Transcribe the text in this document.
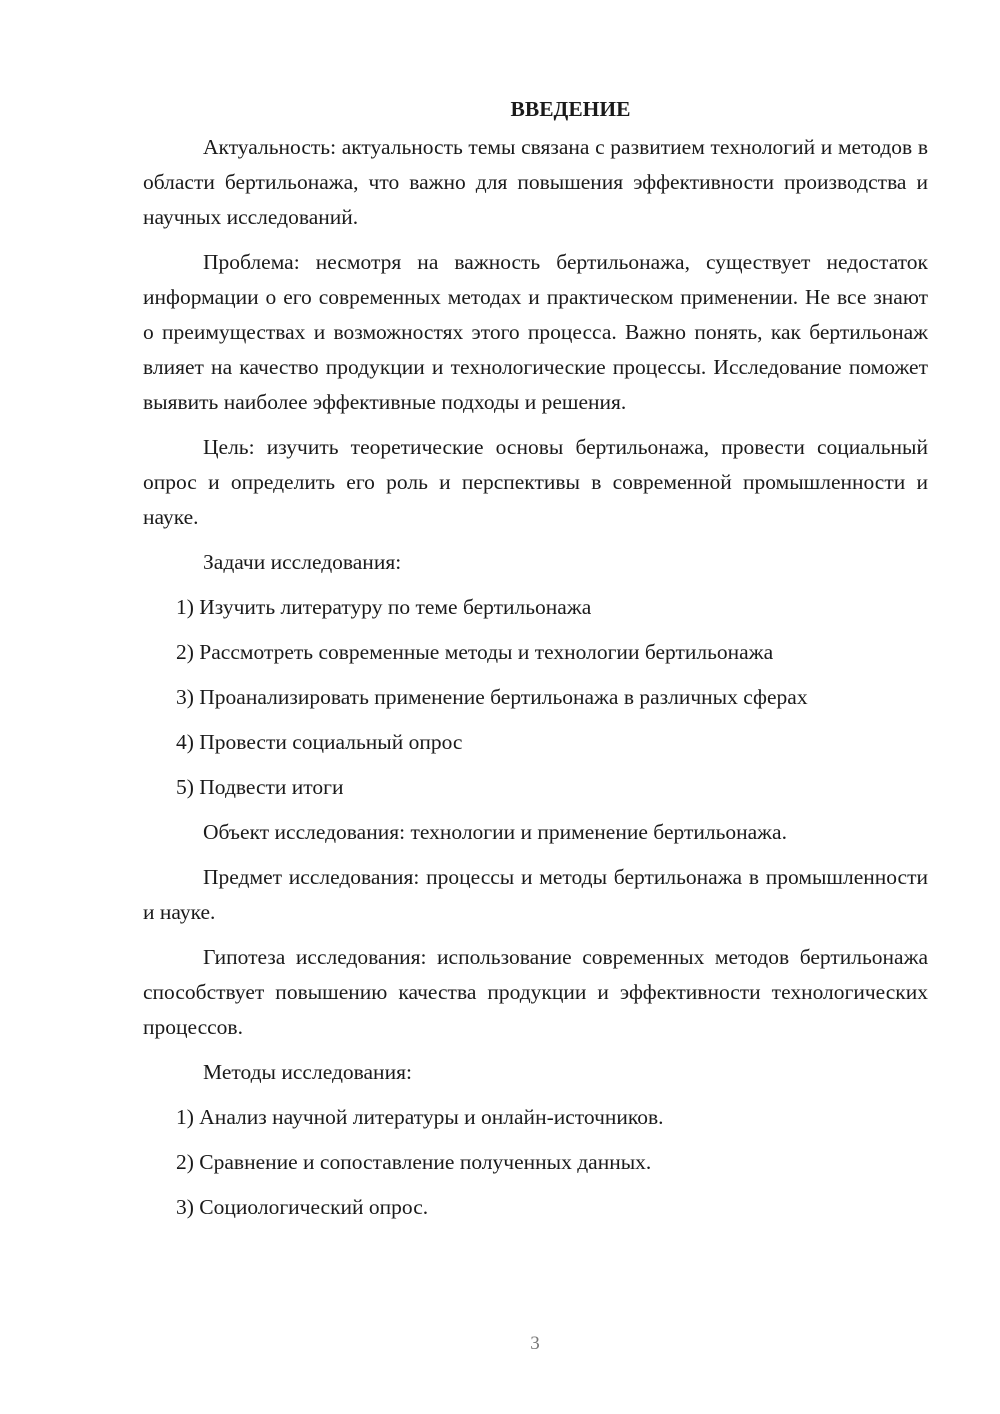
ВВЕДЕНИЕ

Актуальность: актуальность темы связана с развитием технологий и методов в области бертильонажа, что важно для повышения эффективности производства и научных исследований.

Проблема: несмотря на важность бертильонажа, существует недостаток информации о его современных методах и практическом применении. Не все знают о преимуществах и возможностях этого процесса. Важно понять, как бертильонаж влияет на качество продукции и технологические процессы. Исследование поможет выявить наиболее эффективные подходы и решения.

Цель: изучить теоретические основы бертильонажа, провести социальный опрос и определить его роль и перспективы в современной промышленности и науке.

Задачи исследования:

1) Изучить литературу по теме бертильонажа

2) Рассмотреть современные методы и технологии бертильонажа

3) Проанализировать применение бертильонажа в различных сферах

4) Провести социальный опрос

5) Подвести итоги

Объект исследования: технологии и применение бертильонажа.

Предмет исследования: процессы и методы бертильонажа в промышленности и науке.

Гипотеза исследования: использование современных методов бертильонажа способствует повышению качества продукции и эффективности технологических процессов.

Методы исследования:

1) Анализ научной литературы и онлайн-источников.

2) Сравнение и сопоставление полученных данных.

3) Социологический опрос.

3
